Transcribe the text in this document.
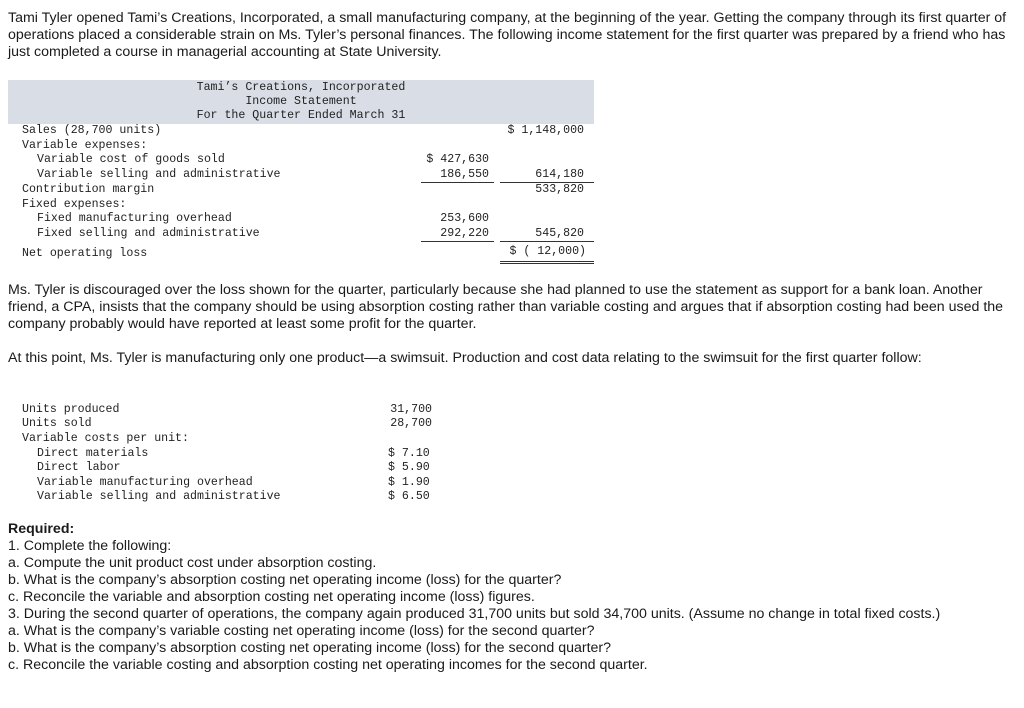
Tami Tyler opened Tami’s Creations, Incorporated, a small manufacturing company, at the beginning of the year. Getting the company through its first quarter of operations placed a considerable strain on Ms. Tyler’s personal finances. The following income statement for the first quarter was prepared by a friend who has just completed a course in managerial accounting at State University.

Tami’s Creations, Incorporated
Income Statement
For the Quarter Ended March 31
Sales (28,700 units)	$ 1,148,000
Variable expenses:
Variable cost of goods sold	$ 427,630
Variable selling and administrative	186,550	614,180
Contribution margin	533,820
Fixed expenses:
Fixed manufacturing overhead	253,600
Fixed selling and administrative	292,220	545,820
Net operating loss	$ ( 12,000)

Ms. Tyler is discouraged over the loss shown for the quarter, particularly because she had planned to use the statement as support for a bank loan. Another friend, a CPA, insists that the company should be using absorption costing rather than variable costing and argues that if absorption costing had been used the company probably would have reported at least some profit for the quarter.

At this point, Ms. Tyler is manufacturing only one product—a swimsuit. Production and cost data relating to the swimsuit for the first quarter follow:

Units produced	31,700
Units sold	28,700
Variable costs per unit:
Direct materials	$ 7.10
Direct labor	$ 5.90
Variable manufacturing overhead	$ 1.90
Variable selling and administrative	$ 6.50
Required:
1. Complete the following:
a. Compute the unit product cost under absorption costing.
b. What is the company’s absorption costing net operating income (loss) for the quarter?
c. Reconcile the variable and absorption costing net operating income (loss) figures.
3. During the second quarter of operations, the company again produced 31,700 units but sold 34,700 units. (Assume no change in total fixed costs.)
a. What is the company’s variable costing net operating income (loss) for the second quarter?
b. What is the company’s absorption costing net operating income (loss) for the second quarter?
c. Reconcile the variable costing and absorption costing net operating incomes for the second quarter.
